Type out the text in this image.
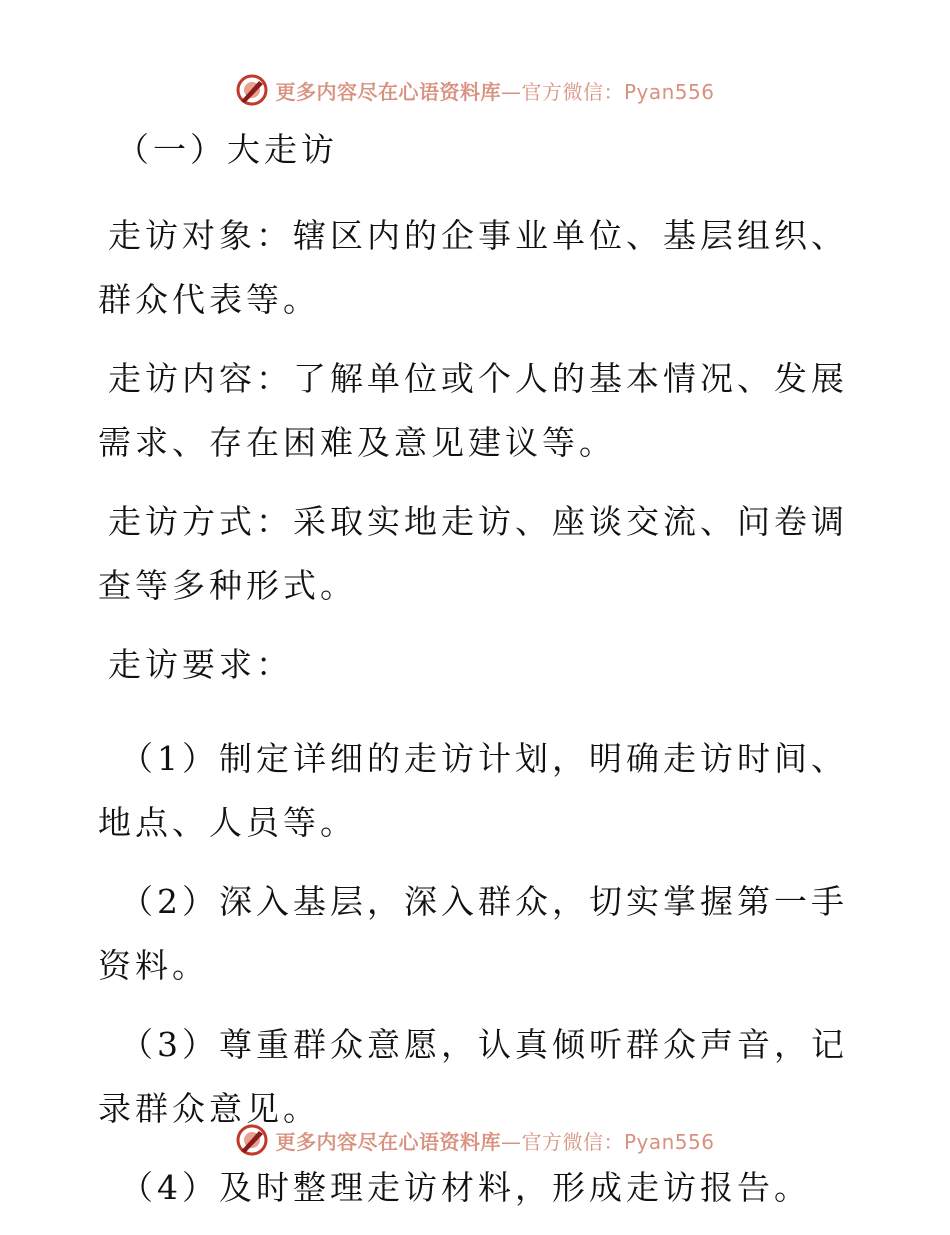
更多内容尽在心语资料库—官方微信：Pyan556

（一）大走访

走访对象：辖区内的企事业单位、基层组织、群众代表等。

走访内容：了解单位或个人的基本情况、发展需求、存在困难及意见建议等。

走访方式：采取实地走访、座谈交流、问卷调查等多种形式。

走访要求：

（1）制定详细的走访计划，明确走访时间、地点、人员等。

（2）深入基层，深入群众，切实掌握第一手资料。

（3）尊重群众意愿，认真倾听群众声音，记录群众意见。

（4）及时整理走访材料，形成走访报告。

更多内容尽在心语资料库—官方微信：Pyan556
